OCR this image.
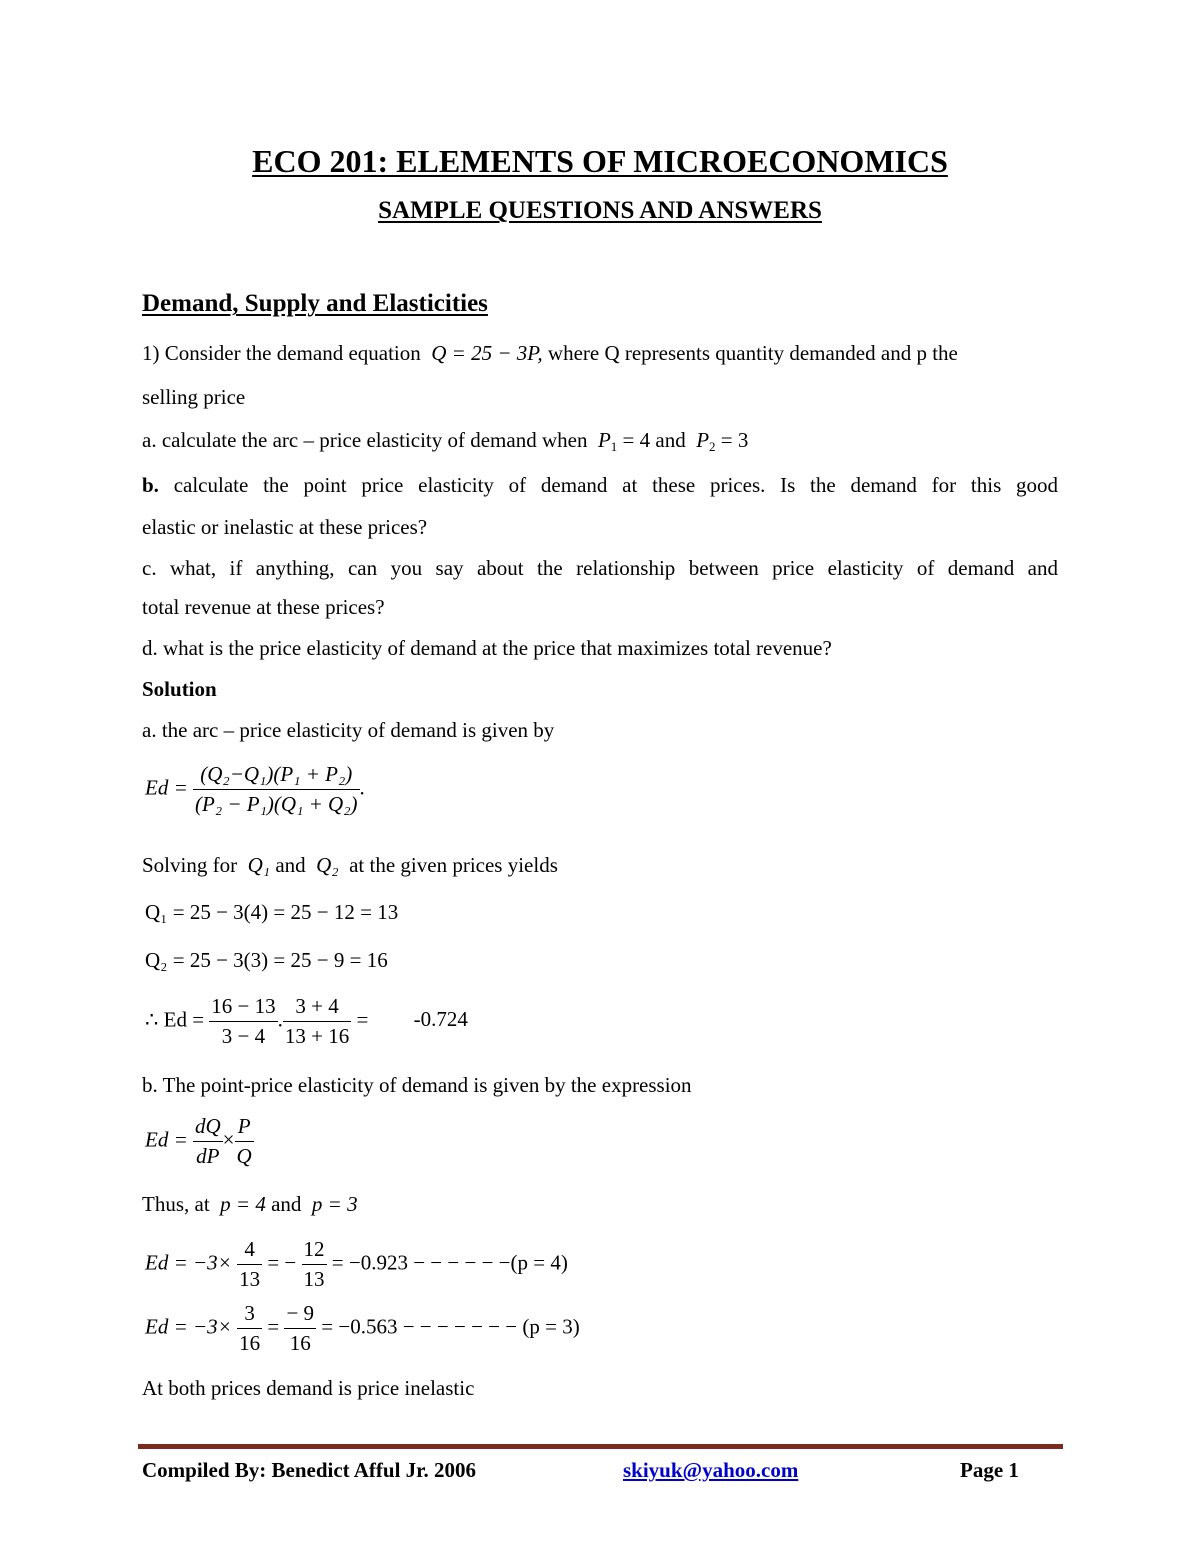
ECO 201: ELEMENTS OF MICROECONOMICS
SAMPLE QUESTIONS AND ANSWERS
Demand, Supply and Elasticities
1) Consider the demand equation Q = 25 − 3P, where Q represents quantity demanded and p the
selling price
a. calculate the arc – price elasticity of demand when $P_1 = 4$ and $P_2 = 3$
b. calculate the point price elasticity of demand at these prices. Is the demand for this good
elastic or inelastic at these prices?
c. what, if anything, can you say about the relationship between price elasticity of demand and
total revenue at these prices?
d. what is the price elasticity of demand at the price that maximizes total revenue?
Solution
a. the arc – price elasticity of demand is given by
$Ed = \frac{\text{(Q₂−Q₁)(P₁ + P₂)}}{\text{(P₂ − P₁)(Q₁ + Q₂)}}$ .
Solving for Q₁ and Q₂ at the given prices yields
Q₁ = 25 − 3(4) = 25 − 12 = 13
Q₂ = 25 − 3(3) = 25 − 9 = 16
∴ $Ed = \frac{16 - 13}{3 - 4}$ . $\frac{3 + 4}{13 + 16} = -0.724$
b. The point-price elasticity of demand is given by the expression
$Ed = \frac{dQ}{dP} \times \frac{P}{Q}$
Thus, at p = 4 and p = 3
$Ed = -3\times \frac{4}{13}$ = − $\frac{12}{13} = -0.923$ − − − − − −(p = 4)
$Ed = -3\times \frac{3}{16} = \frac{- 9}{16} = -0.563$ − − − − − − − (p = 3)
At both prices demand is price inelastic
Compiled By: Benedict Afful Jr. 2006	skiyuk@yahoo.com	Page 1
